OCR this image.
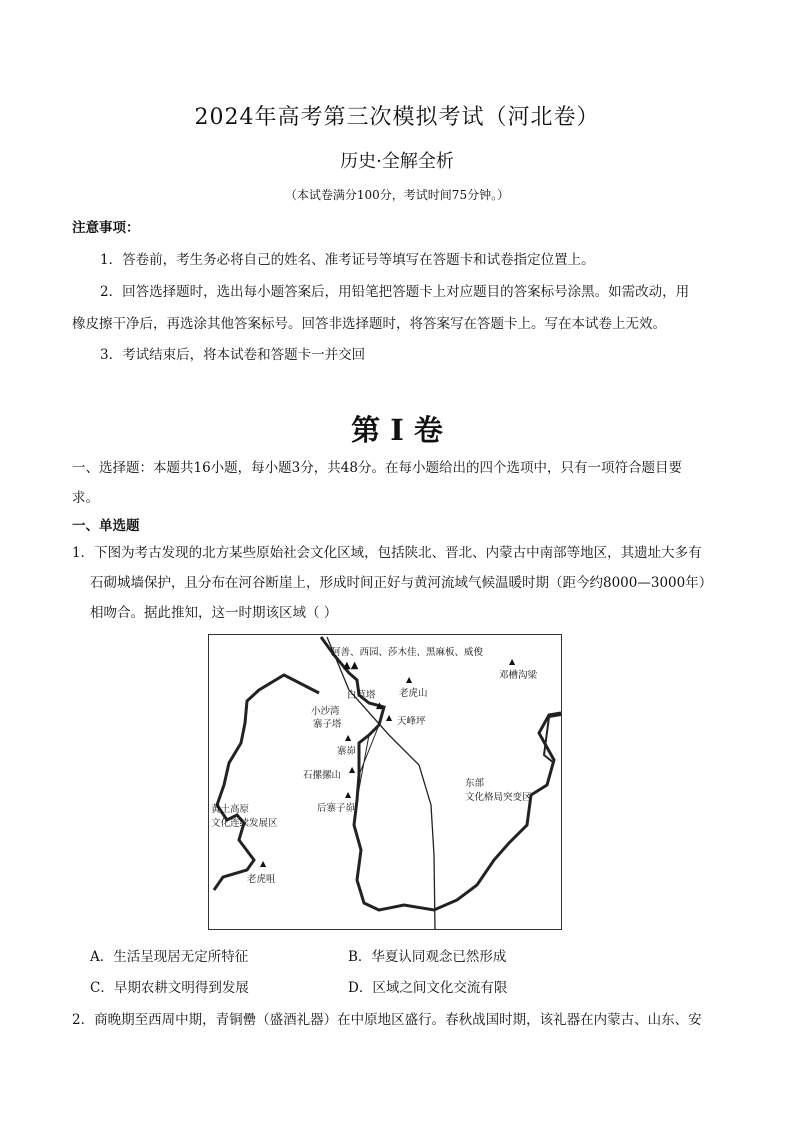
2024年高考第三次模拟考试（河北卷）
历史·全解全析
（本试卷满分100分，考试时间75分钟。）
注意事项：
1．答卷前，考生务必将自己的姓名、准考证号等填写在答题卡和试卷指定位置上。
2．回答选择题时，选出每小题答案后，用铅笔把答题卡上对应题目的答案标号涂黑。如需改动，用
橡皮擦干净后，再选涂其他答案标号。回答非选择题时，将答案写在答题卡上。写在本试卷上无效。
3．考试结束后，将本试卷和答题卡一并交回
第 I 卷
一、选择题：本题共16小题，每小题3分，共48分。在每小题给出的四个选项中，只有一项符合题目要
求。
一、单选题
1．下图为考古发现的北方某些原始社会文化区域，包括陕北、晋北、内蒙古中南部等地区，其遗址大多有
石砌城墙保护，且分布在河谷断崖上，形成时间正好与黄河流域气候温暖时期（距今约8000—3000年）
相吻合。据此推知，这一时期该区域（ ）
阿善、西园、莎木佳、黑麻板、威俊
▲▲	▲
邓槽沟梁
▲
老虎山
白草塔
小沙湾
寨子塔
▲
▲ 天峰坪
▲
寨峁
▲
石摞摞山
▲
后寨子峁
东部
文化格局突变区
黄土高原
文化连续发展区
▲
老虎咀
A．生活呈现居无定所特征	B．华夏认同观念已然形成
C．早期农耕文明得到发展	D．区域之间文化交流有限
2．商晚期至西周中期，青铜罍（盛酒礼器）在中原地区盛行。春秋战国时期，该礼器在内蒙古、山东、安
